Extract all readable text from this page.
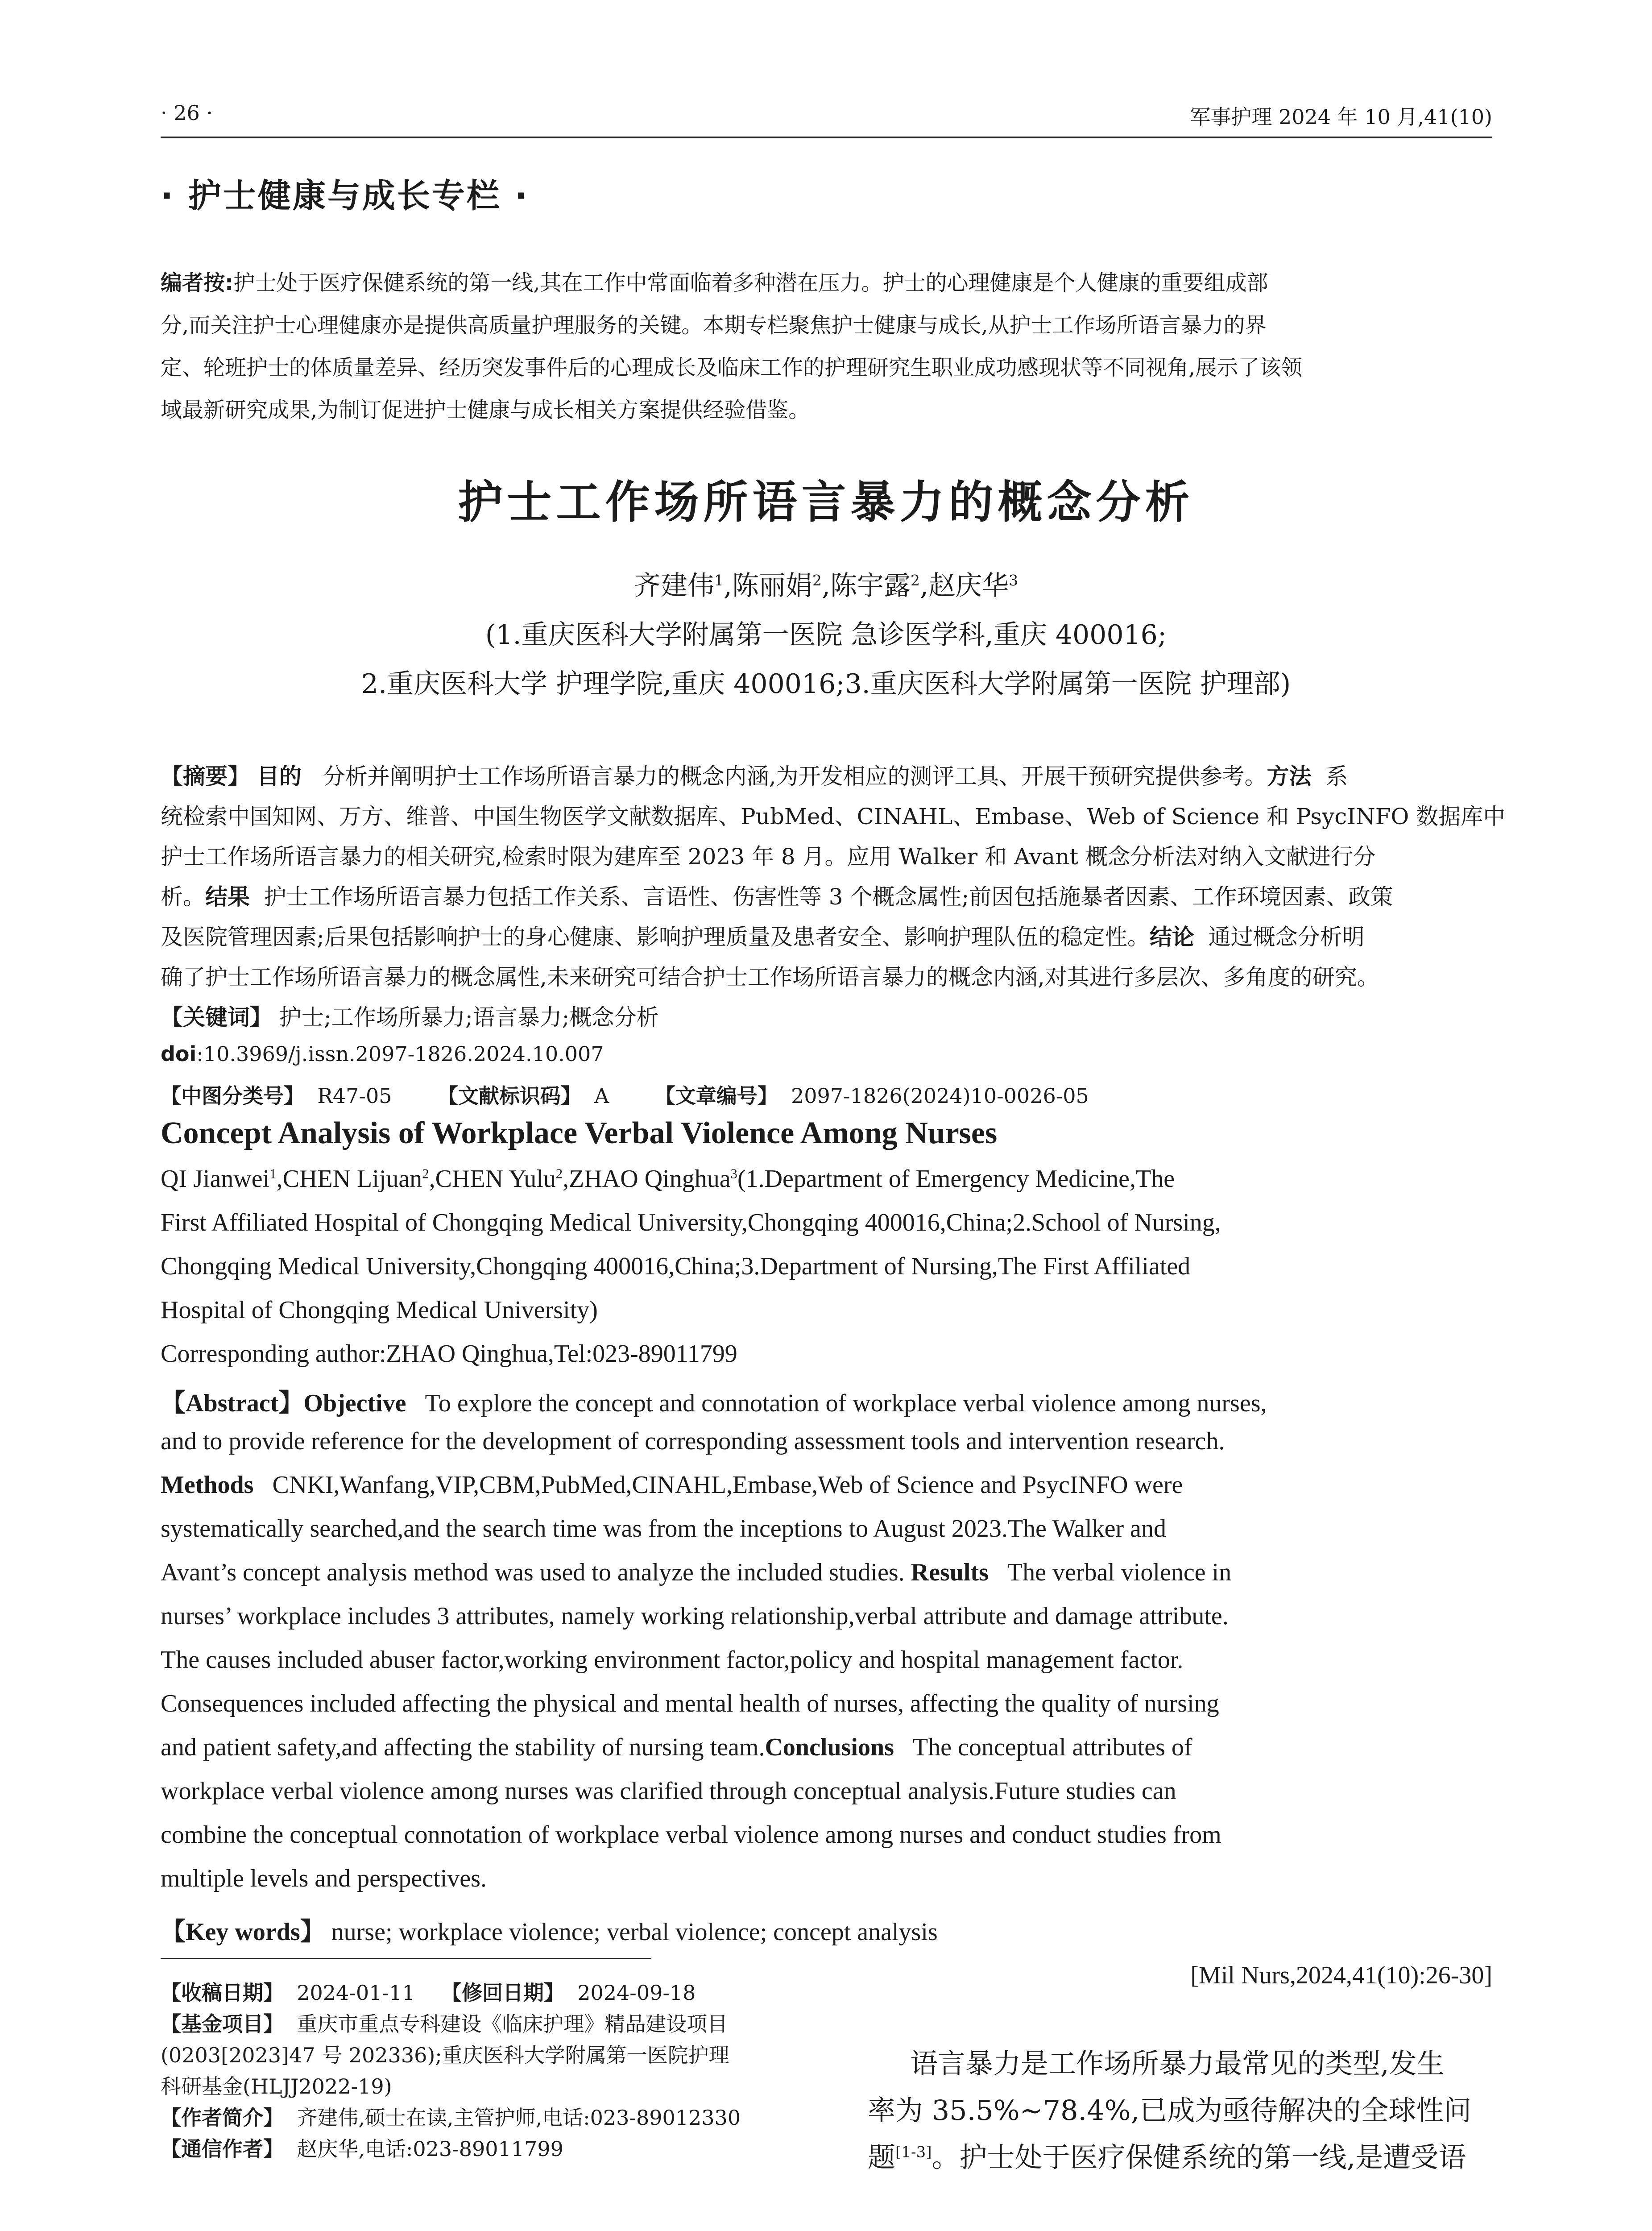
· 26 ·	军事护理 2024 年 10 月,41(10)
· 护士健康与成长专栏 ·
编者按:护士处于医疗保健系统的第一线,其在工作中常面临着多种潜在压力。护士的心理健康是个人健康的重要组成部
分,而关注护士心理健康亦是提供高质量护理服务的关键。本期专栏聚焦护士健康与成长,从护士工作场所语言暴力的界
定、轮班护士的体质量差异、经历突发事件后的心理成长及临床工作的护理研究生职业成功感现状等不同视角,展示了该领
域最新研究成果,为制订促进护士健康与成长相关方案提供经验借鉴。
护士工作场所语言暴力的概念分析
齐建伟$^1$,陈丽娟$^2$,陈宇露$^2$,赵庆华$^3$
(1.重庆医科大学附属第一医院 急诊医学科,重庆 400016;
2.重庆医科大学 护理学院,重庆 400016;3.重庆医科大学附属第一医院 护理部)
【摘要】 目的 分析并阐明护士工作场所语言暴力的概念内涵,为开发相应的测评工具、开展干预研究提供参考。方法 系
统检索中国知网、万方、维普、中国生物医学文献数据库、PubMed、CINAHL、Embase、Web of Science 和 PsycINFO 数据库中
护士工作场所语言暴力的相关研究,检索时限为建库至 2023 年 8 月。应用 Walker 和 Avant 概念分析法对纳入文献进行分
析。结果 护士工作场所语言暴力包括工作关系、言语性、伤害性等 3 个概念属性;前因包括施暴者因素、工作环境因素、政策
及医院管理因素;后果包括影响护士的身心健康、影响护理质量及患者安全、影响护理队伍的稳定性。结论 通过概念分析明
确了护士工作场所语言暴力的概念属性,未来研究可结合护士工作场所语言暴力的概念内涵,对其进行多层次、多角度的研究。
【关键词】 护士;工作场所暴力;语言暴力;概念分析
doi:10.3969/j.issn.2097-1826.2024.10.007
【中图分类号】 R47-05 【文献标识码】 A 【文章编号】 2097-1826(2024)10-0026-05
Concept Analysis of Workplace Verbal Violence Among Nurses
QI Jianwei$^1$,CHEN Lijuan$^2$,CHEN Yulu$^2$,ZHAO Qinghua$^3$(1.Department of Emergency Medicine,The
First Affiliated Hospital of Chongqing Medical University,Chongqing 400016,China;2.School of Nursing,
Chongqing Medical University,Chongqing 400016,China;3.Department of Nursing,The First Affiliated
Hospital of Chongqing Medical University)
Corresponding author:ZHAO Qinghua,Tel:023-89011799
【Abstract】Objective To explore the concept and connotation of workplace verbal violence among nurses,
and to provide reference for the development of corresponding assessment tools and intervention research.
Methods CNKI,Wanfang,VIP,CBM,PubMed,CINAHL,Embase,Web of Science and PsycINFO were
systematically searched,and the search time was from the inceptions to August 2023.The Walker and
Avant’s concept analysis method was used to analyze the included studies. Results The verbal violence in
nurses’ workplace includes 3 attributes, namely working relationship,verbal attribute and damage attribute.
The causes included abuser factor,working environment factor,policy and hospital management factor.
Consequences included affecting the physical and mental health of nurses, affecting the quality of nursing
and patient safety,and affecting the stability of nursing team.Conclusions The conceptual attributes of
workplace verbal violence among nurses was clarified through conceptual analysis.Future studies can
combine the conceptual connotation of workplace verbal violence among nurses and conduct studies from
multiple levels and perspectives.
【Key words】 nurse; workplace violence; verbal violence; concept analysis
[Mil Nurs,2024,41(10):26-30]
【收稿日期】 2024-01-11 【修回日期】 2024-09-18
【基金项目】 重庆市重点专科建设《临床护理》精品建设项目
(0203[2023]47 号 202336);重庆医科大学附属第一医院护理
科研基金(HLJJ2022-19)
【作者简介】 齐建伟,硕士在读,主管护师,电话:023-89012330
【通信作者】 赵庆华,电话:023-89011799
语言暴力是工作场所暴力最常见的类型,发生
率为 35.5%~78.4%,已成为亟待解决的全球性问
题[1-3]。护士处于医疗保健系统的第一线,是遭受语
